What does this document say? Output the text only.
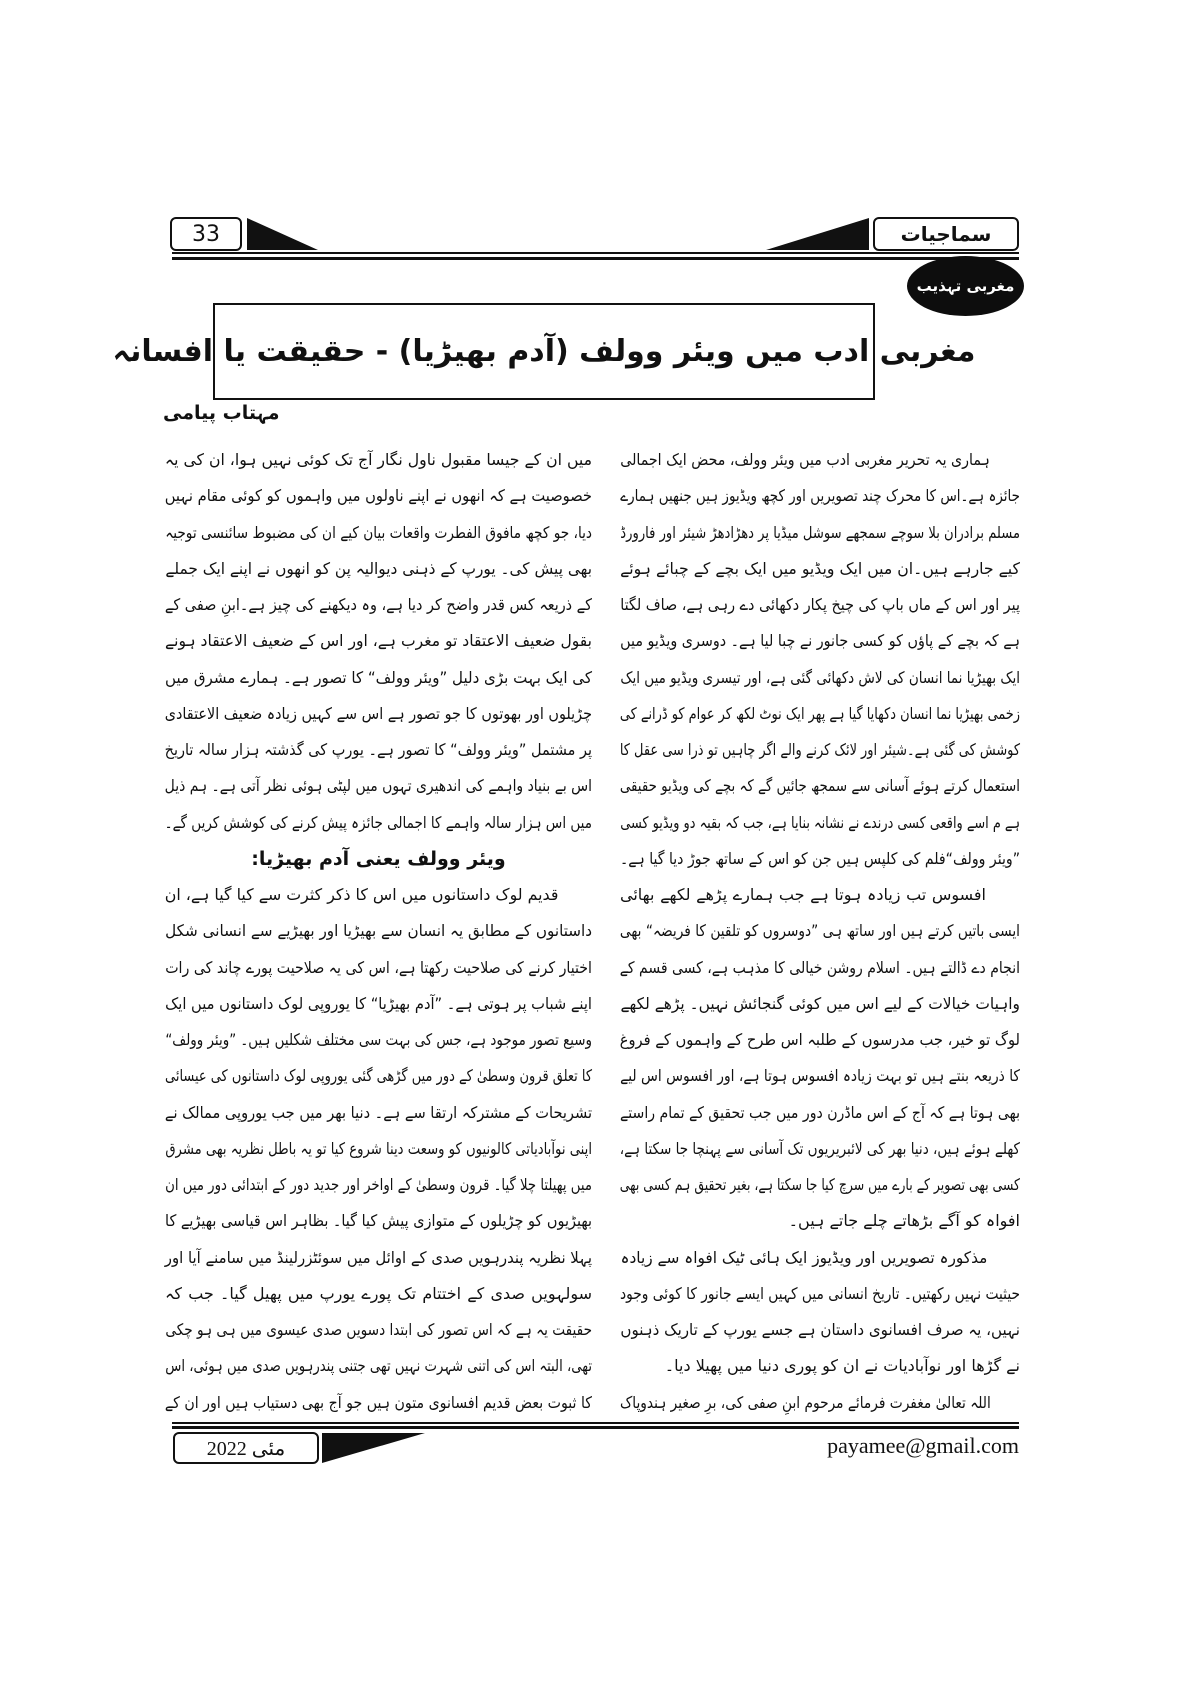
33	سماجیات
مغربی تہذیب
مغربی ادب میں ویئر وولف (آدم بھیڑیا) - حقیقت یا افسانہ
مہتاب پیامی
ہماری یہ تحریر مغربی ادب میں ویئر وولف، محض ایک اجمالی
جائزہ ہے۔اس کا محرک چند تصویریں اور کچھ ویڈیوز ہیں جنھیں ہمارے
مسلم برادران بلا سوچے سمجھے سوشل میڈیا پر دھڑادھڑ شیئر اور فارورڈ
کیے جارہے ہیں۔ان میں ایک ویڈیو میں ایک بچے کے چبائے ہوئے
پیر اور اس کے ماں باپ کی چیخ پکار دکھائی دے رہی ہے، صاف لگتا
ہے کہ بچے کے پاؤں کو کسی جانور نے چبا لیا ہے۔ دوسری ویڈیو میں
ایک بھیڑیا نما انسان کی لاش دکھائی گئی ہے، اور تیسری ویڈیو میں ایک
زخمی بھیڑیا نما انسان دکھایا گیا ہے پھر ایک نوٹ لکھ کر عوام کو ڈرانے کی
کوشش کی گئی ہے۔شیئر اور لائک کرنے والے اگر چاہیں تو ذرا سی عقل کا
استعمال کرتے ہوئے آسانی سے سمجھ جائیں گے کہ بچے کی ویڈیو حقیقی
ہے م اسے واقعی کسی درندے نے نشانہ بنایا ہے، جب کہ بقیہ دو ویڈیو کسی
”ویئر وولف“فلم کی کلپس ہیں جن کو اس کے ساتھ جوڑ دیا گیا ہے۔
افسوس تب زیادہ ہوتا ہے جب ہمارے پڑھے لکھے بھائی
ایسی باتیں کرتے ہیں اور ساتھ ہی ”دوسروں کو تلقین کا فریضہ“ بھی
انجام دے ڈالتے ہیں۔ اسلام روشن خیالی کا مذہب ہے، کسی قسم کے
واہیات خیالات کے لیے اس میں کوئی گنجائش نہیں۔ پڑھے لکھے
لوگ تو خیر، جب مدرسوں کے طلبہ اس طرح کے واہموں کے فروغ
کا ذریعہ بنتے ہیں تو بہت زیادہ افسوس ہوتا ہے، اور افسوس اس لیے
بھی ہوتا ہے کہ آج کے اس ماڈرن دور میں جب تحقیق کے تمام راستے
کھلے ہوئے ہیں، دنیا بھر کی لائبریریوں تک آسانی سے پہنچا جا سکتا ہے،
کسی بھی تصویر کے بارے میں سرچ کیا جا سکتا ہے، بغیر تحقیق ہم کسی بھی
افواہ کو آگے بڑھاتے چلے جاتے ہیں۔
مذکورہ تصویریں اور ویڈیوز ایک ہائی ٹیک افواہ سے زیادہ
حیثیت نہیں رکھتیں۔ تاریخ انسانی میں کہیں ایسے جانور کا کوئی وجود
نہیں، یہ صرف افسانوی داستان ہے جسے یورپ کے تاریک ذہنوں
نے گڑھا اور نوآبادیات نے ان کو پوری دنیا میں پھیلا دیا۔
اللہ تعالیٰ مغفرت فرمائے مرحوم ابنِ صفی کی، برِ صغیر ہندوپاک
میں ان کے جیسا مقبول ناول نگار آج تک کوئی نہیں ہوا، ان کی یہ
خصوصیت ہے کہ انھوں نے اپنے ناولوں میں واہموں کو کوئی مقام نہیں
دیا، جو کچھ مافوق الفطرت واقعات بیان کیے ان کی مضبوط سائنسی توجیہ
بھی پیش کی۔ یورپ کے ذہنی دیوالیہ پن کو انھوں نے اپنے ایک جملے
کے ذریعہ کس قدر واضح کر دیا ہے، وہ دیکھنے کی چیز ہے۔ابنِ صفی کے
بقول ضعیف الاعتقاد تو مغرب ہے، اور اس کے ضعیف الاعتقاد ہونے
کی ایک بہت بڑی دلیل ”ویئر وولف“ کا تصور ہے۔ ہمارے مشرق میں
چڑیلوں اور بھوتوں کا جو تصور ہے اس سے کہیں زیادہ ضعیف الاعتقادی
پر مشتمل ”ویئر وولف“ کا تصور ہے۔ یورپ کی گذشتہ ہزار سالہ تاریخ
اس بے بنیاد واہمے کی اندھیری تہوں میں لپٹی ہوئی نظر آتی ہے۔ ہم ذیل
میں اس ہزار سالہ واہمے کا اجمالی جائزہ پیش کرنے کی کوشش کریں گے۔
ویئر وولف یعنی آدم بھیڑیا:
قدیم لوک داستانوں میں اس کا ذکر کثرت سے کیا گیا ہے، ان
داستانوں کے مطابق یہ انسان سے بھیڑیا اور بھیڑیے سے انسانی شکل
اختیار کرنے کی صلاحیت رکھتا ہے، اس کی یہ صلاحیت پورے چاند کی رات
اپنے شباب پر ہوتی ہے۔ ”آدم بھیڑیا“ کا یوروپی لوک داستانوں میں ایک
وسیع تصور موجود ہے، جس کی بہت سی مختلف شکلیں ہیں۔ ”ویئر وولف“
کا تعلق قرون وسطیٰ کے دور میں گڑھی گئی یوروپی لوک داستانوں کی عیسائی
تشریحات کے مشترکہ ارتقا سے ہے۔ دنیا بھر میں جب یوروپی ممالک نے
اپنی نوآبادیاتی کالونیوں کو وسعت دینا شروع کیا تو یہ باطل نظریہ بھی مشرق
میں پھیلتا چلا گیا۔ قرون وسطیٰ کے اواخر اور جدید دور کے ابتدائی دور میں ان
بھیڑیوں کو چڑیلوں کے متوازی پیش کیا گیا۔ بظاہر اس قیاسی بھیڑیے کا
پہلا نظریہ پندرہویں صدی کے اوائل میں سوئٹزرلینڈ میں سامنے آیا اور
سولہویں صدی کے اختتام تک پورے یورپ میں پھیل گیا۔ جب کہ
حقیقت یہ ہے کہ اس تصور کی ابتدا دسویں صدی عیسوی میں ہی ہو چکی
تھی، البتہ اس کی اتنی شہرت نہیں تھی جتنی پندرہویں صدی میں ہوئی، اس
کا ثبوت بعض قدیم افسانوی متون ہیں جو آج بھی دستیاب ہیں اور ان کے
مئی 2022	payamee@gmail.com
